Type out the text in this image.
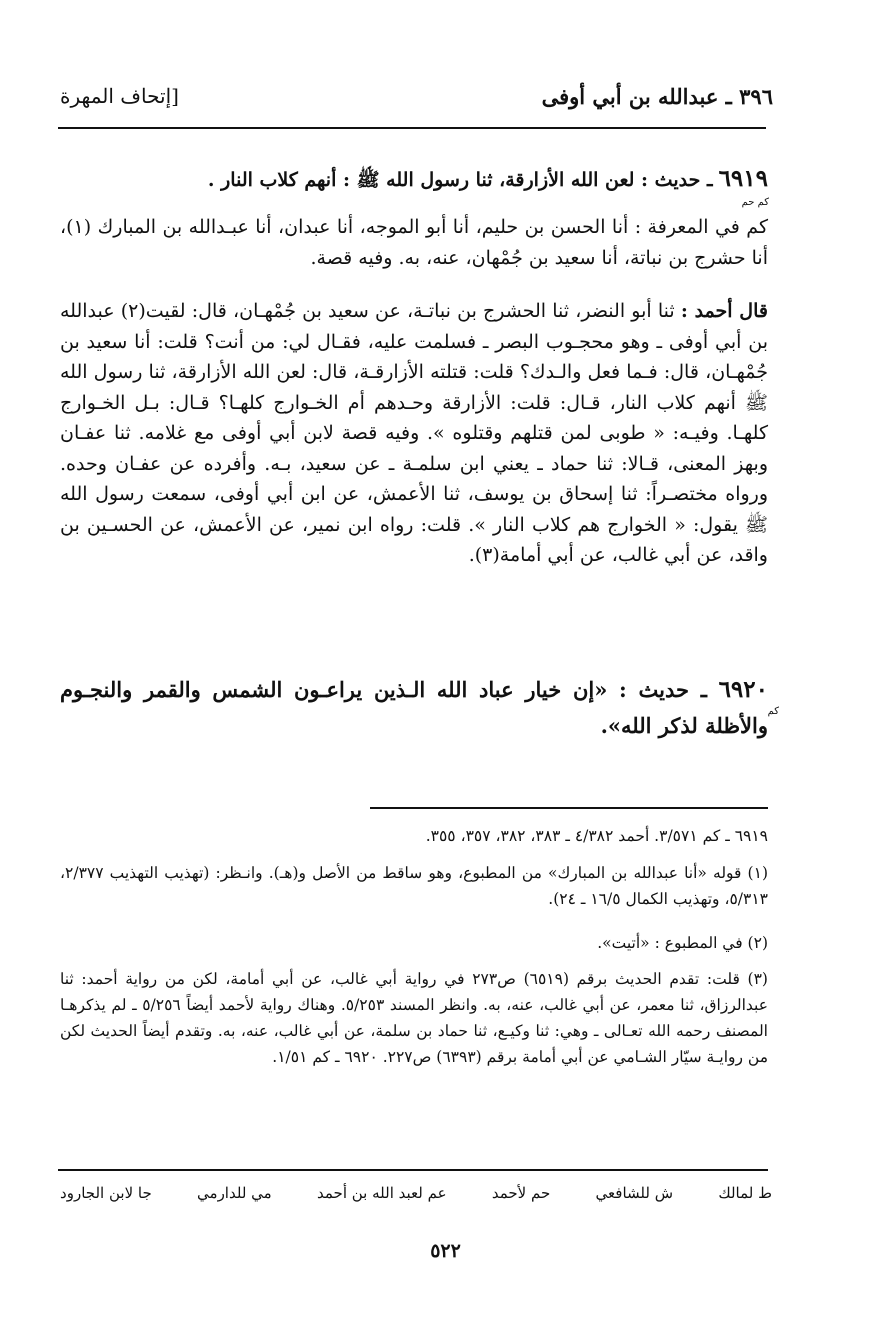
٣٩٦ ـ عبدالله بن أبي أوفى
[إتحاف المهرة
٦٩١٩ ـ حديث : لعن الله الأزارقة، ثنا رسول الله ﷺ : أنهم كلاب النار .
كم حم
كم في المعرفة : أنا الحسن بن حليم، أنا أبو الموجه، أنا عبدان، أنا عبـدالله بن المبارك (١)، أنا حشرج بن نباتة، أنا سعيد بن جُمْهان، عنه، به. وفيه قصة.
قال أحمد : ثنا أبو النضر، ثنا الحشرج بن نباتـة، عن سعيد بن جُمْهـان، قال: لقيت(٢) عبدالله بن أبي أوفى ـ وهو محجـوب البصر ـ فسلمت عليه، فقـال لي: من أنت؟ قلت: أنا سعيد بن جُمْهـان، قال: فـما فعل والـدك؟ قلت: قتلته الأزارقـة، قال: لعن الله الأزارقة، ثنا رسول الله ﷺ أنهم كلاب النار، قـال: قلت: الأزارقة وحـدهم أم الخـوارج كلهـا؟ قـال: بـل الخـوارج كلهـا. وفيـه: « طوبى لمن قتلهم وقتلوه ». وفيه قصة لابن أبي أوفى مع غلامه. ثنا عفـان وبهز المعنى، قـالا: ثنا حماد ـ يعني ابن سلمـة ـ عن سعيد، بـه. وأفرده عن عفـان وحده. ورواه مختصـراً: ثنا إسحاق بن يوسف، ثنا الأعمش، عن ابن أبي أوفى، سمعت رسول الله ﷺ يقول: « الخوارج هم كلاب النار ». قلت: رواه ابن نمير، عن الأعمش، عن الحسـين بن واقد، عن أبي غالب، عن أبي أمامة(٣).
٦٩٢٠ ـ حديث : «إن خيار عباد الله الـذين يراعـون الشمس والقمر والنجـوم والأظلة لذكر الله».
كم
٦٩١٩ ـ كم ٣/٥٧١. أحمد ٤/٣٨٢ ـ ٣٨٣، ٣٨٢، ٣٥٧، ٣٥٥.
(١) قوله «أنا عبدالله بن المبارك» من المطبوع، وهو ساقط من الأصل و(هـ). وانـظر: (تهذيب التهذيب ٢/٣٧٧، ٥/٣١٣، وتهذيب الكمال ١٦/٥ ـ ٢٤).
(٢) في المطبوع : «أتيت».
(٣) قلت: تقدم الحديث برقم (٦٥١٩) ص٢٧٣ في رواية أبي غالب، عن أبي أمامة، لكن من رواية أحمد: ثنا عبدالرزاق، ثنا معمر، عن أبي غالب، عنه، به. وانظر المسند ٥/٢٥٣. وهناك رواية لأحمد أيضاً ٥/٢٥٦ ـ لم يذكرهـا المصنف رحمه الله تعـالى ـ وهي: ثنا وكيـع، ثنا حماد بن سلمة، عن أبي غالب، عنه، به. وتقدم أيضاً الحديث لكن من روايـة سيّار الشـامي عن أبي أمامة برقم (٦٣٩٣) ص٢٢٧. ٦٩٢٠ ـ كم ١/٥١.
ط لمالك
ش للشافعي
حم لأحمد
عم لعبد الله بن أحمد
مي للدارمي
جا لابن الجارود
٥٢٢
